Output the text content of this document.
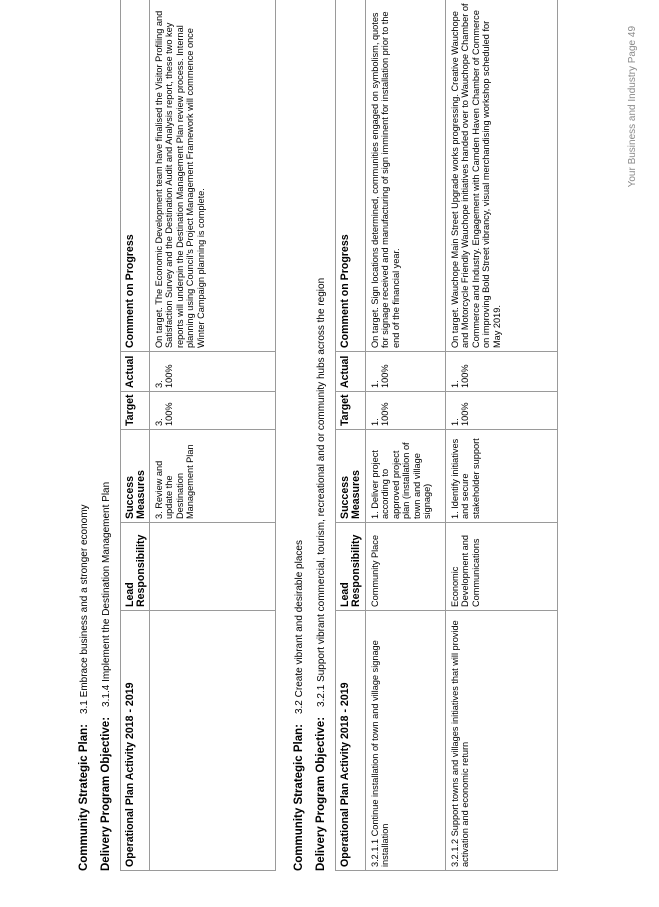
Community Strategic Plan:3.1 Embrace business and a stronger economy
Delivery Program Objective:3.1.4 Implement the Destination Management Plan
Operational Plan Activity 2018 - 2019	Lead Responsibility	Success Measures	Target	Actual	Comment on Progress
		3. Review and update the Destination Management Plan	3. 100%	3. 100%	On target. The Economic Development team have finalised the Visitor Profiling and Satisfaction Survey and the Destination Audit and Analysis report, these two key reports will underpin the Destination Management Plan review process. Internal planning using Council's Project Management Framework will commence once Winter Campaign planning is complete.
Community Strategic Plan:3.2 Create vibrant and desirable places
Delivery Program Objective:3.2.1 Support vibrant commercial, tourism, recreational and or community hubs across the region
Operational Plan Activity 2018 - 2019	Lead Responsibility	Success Measures	Target	Actual	Comment on Progress
3.2.1.1 Continue installation of town and village signage installation	Community Place	1. Deliver project according to approved project plan (installation of town and village signage)	1. 100%	1. 100%	On target. Sign locations determined, communities engaged on symbolism, quotes for signage received and manufacturing of sign imminent for installation prior to the end of the financial year.
3.2.1.2 Support towns and villages initiatives that will provide activation and economic return	Economic Development and Communications	1. Identify initiatives and secure stakeholder support	1. 100%	1. 100%	On target. Wauchope Main Street Upgrade works progressing. Creative Wauchope and Motorcycle Friendly Wauchope initiatives handed over to Wauchope Chamber of Commerce and Industry. Engagement with Camden Haven Chamber of Commerce on improving Bold Street vibrancy, visual merchandising workshop scheduled for May 2019.
Your Business and Industry Page 49
